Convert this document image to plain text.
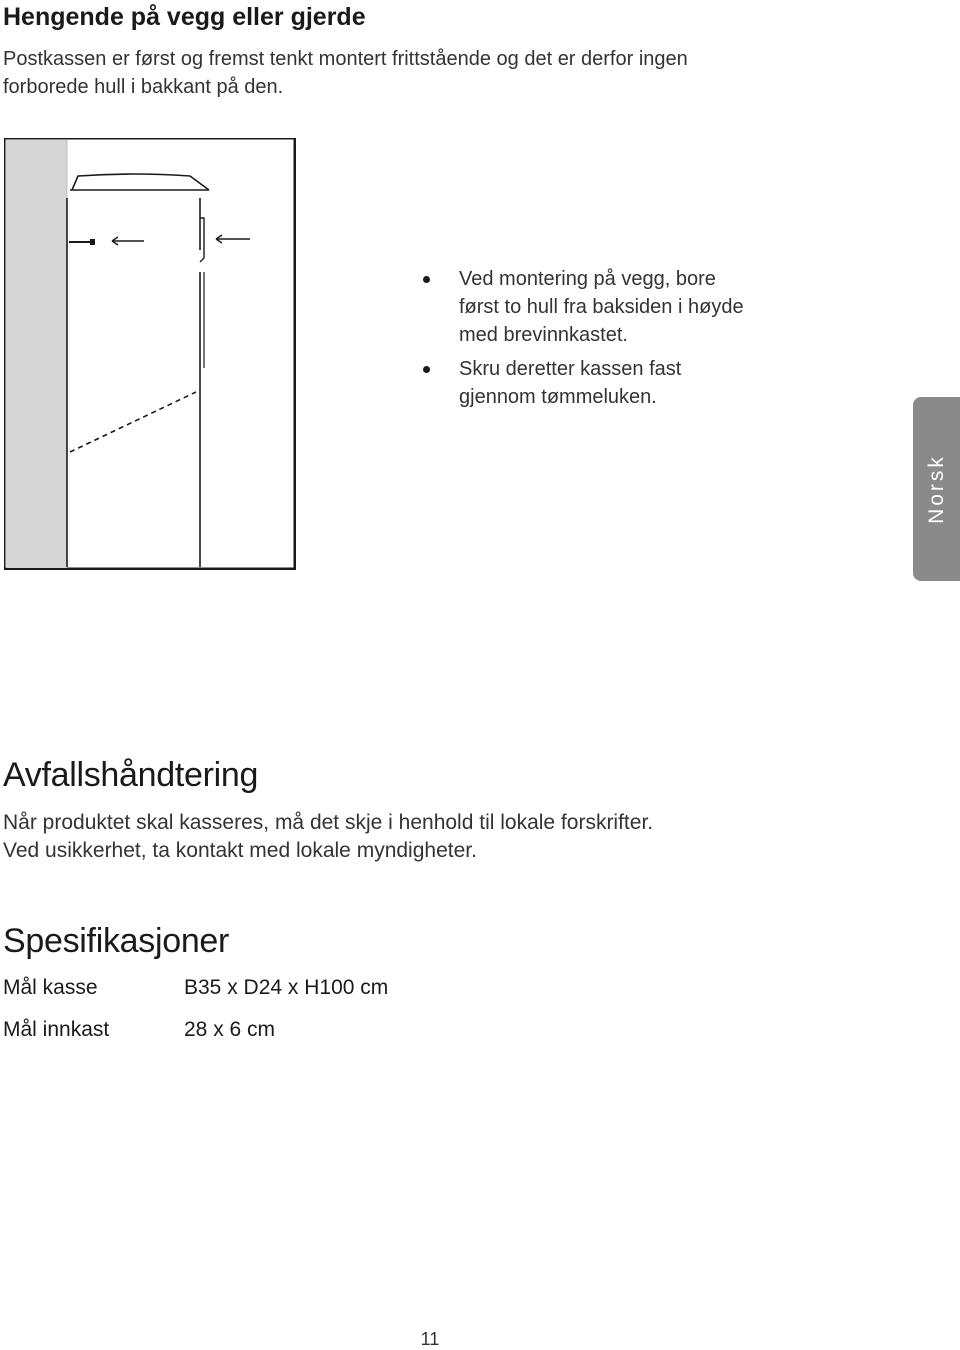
Hengende på vegg eller gjerde

Postkassen er først og fremst tenkt montert frittstående og det er derfor ingen
forborede hull i bakkant på den.

Ved montering på vegg, bore
først to hull fra baksiden i høyde
med brevinnkastet.
Skru deretter kassen fast
gjennom tømmeluken.
Norsk
Avfallshåndtering

Når produktet skal kasseres, må det skje i henhold til lokale forskrifter.
Ved usikkerhet, ta kontakt med lokale myndigheter.

Spesifikasjoner
Mål kasse	B35 x D24 x H100 cm
Mål innkast	28 x 6 cm
11
